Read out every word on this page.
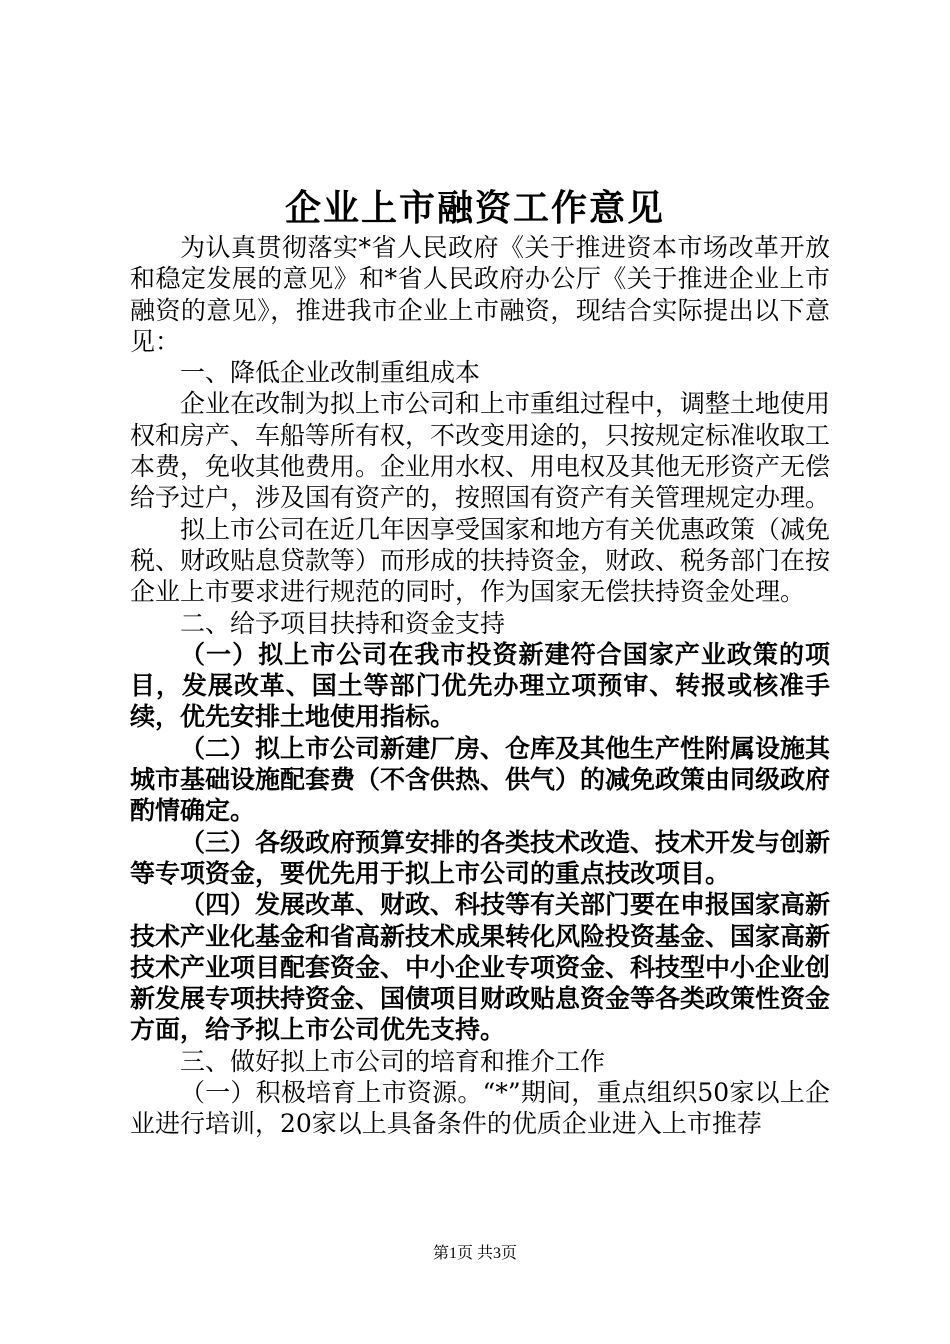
企业上市融资工作意见

为认真贯彻落实*省人民政府《关于推进资本市场改革开放和稳定发展的意见》和*省人民政府办公厅《关于推进企业上市融资的意见》，推进我市企业上市融资，现结合实际提出以下意见：

一、降低企业改制重组成本

企业在改制为拟上市公司和上市重组过程中，调整土地使用权和房产、车船等所有权，不改变用途的，只按规定标准收取工本费，免收其他费用。企业用水权、用电权及其他无形资产无偿给予过户，涉及国有资产的，按照国有资产有关管理规定办理。

拟上市公司在近几年因享受国家和地方有关优惠政策（减免税、财政贴息贷款等）而形成的扶持资金，财政、税务部门在按企业上市要求进行规范的同时，作为国家无偿扶持资金处理。

二、给予项目扶持和资金支持

（一）拟上市公司在我市投资新建符合国家产业政策的项目，发展改革、国土等部门优先办理立项预审、转报或核准手续，优先安排土地使用指标。

（二）拟上市公司新建厂房、仓库及其他生产性附属设施其城市基础设施配套费（不含供热、供气）的减免政策由同级政府酌情确定。

（三）各级政府预算安排的各类技术改造、技术开发与创新等专项资金，要优先用于拟上市公司的重点技改项目。

（四）发展改革、财政、科技等有关部门要在申报国家高新技术产业化基金和省高新技术成果转化风险投资基金、国家高新技术产业项目配套资金、中小企业专项资金、科技型中小企业创新发展专项扶持资金、国债项目财政贴息资金等各类政策性资金方面，给予拟上市公司优先支持。

三、做好拟上市公司的培育和推介工作

（一）积极培育上市资源。“*”期间，重点组织50家以上企业进行培训，20家以上具备条件的优质企业进入上市推荐

第1页 共3页
